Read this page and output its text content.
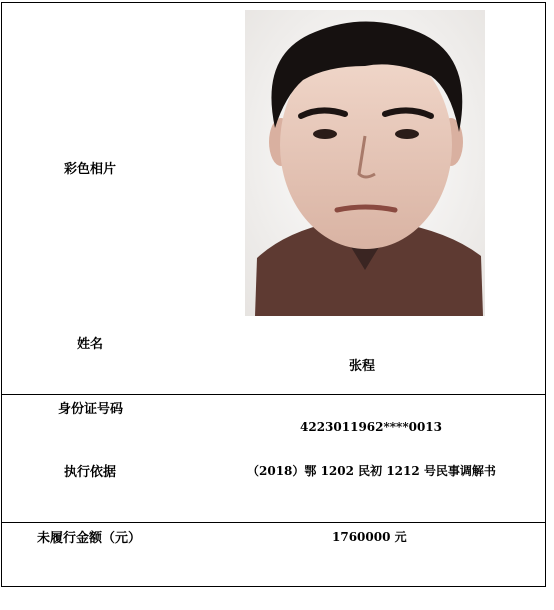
彩色相片
姓名
张程
身份证号码
4223011962****0013
执行依据	（2018）鄂 1202 民初 1212 号民事调解书
未履行金额（元）	1760000 元
